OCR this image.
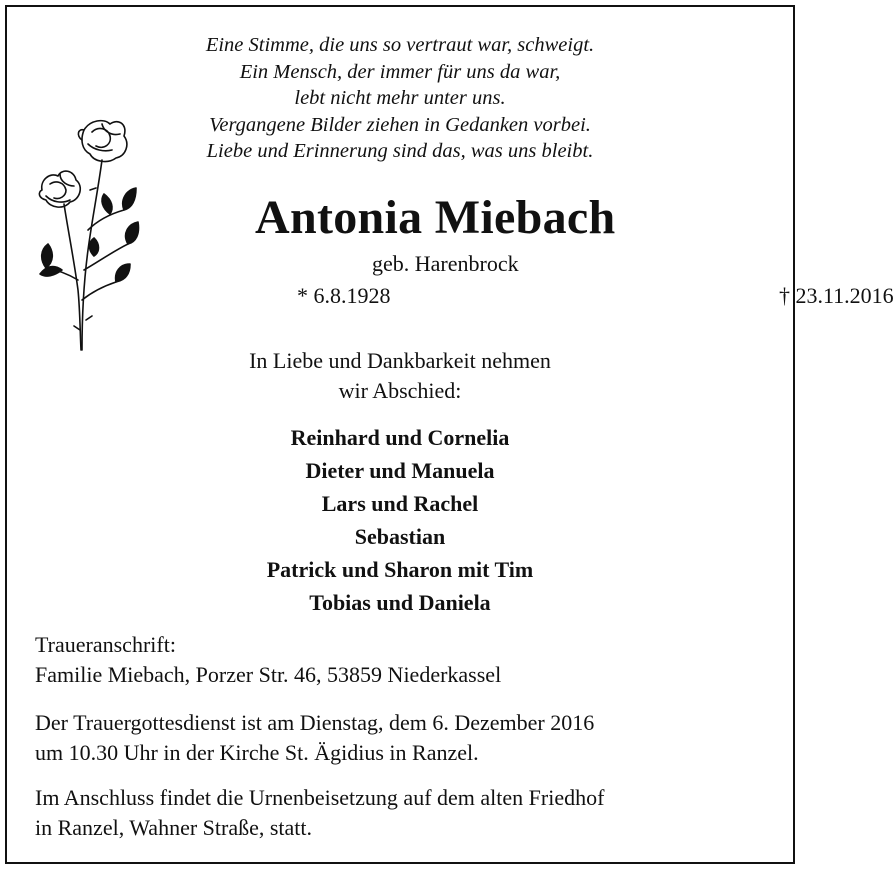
Eine Stimme, die uns so vertraut war, schweigt.
Ein Mensch, der immer für uns da war,
lebt nicht mehr unter uns.
Vergangene Bilder ziehen in Gedanken vorbei.
Liebe und Erinnerung sind das, was uns bleibt.
Antonia Miebach
geb. Harenbrock
* 6.8.1928	† 23.11.2016
In Liebe und Dankbarkeit nehmen
wir Abschied:
Reinhard und Cornelia
Dieter und Manuela
Lars und Rachel
Sebastian
Patrick und Sharon mit Tim
Tobias und Daniela
Traueranschrift:
Familie Miebach, Porzer Str. 46, 53859 Niederkassel
Der Trauergottesdienst ist am Dienstag, dem 6. Dezember 2016
um 10.30 Uhr in der Kirche St. Ägidius in Ranzel.
Im Anschluss findet die Urnenbeisetzung auf dem alten Friedhof
in Ranzel, Wahner Straße, statt.
